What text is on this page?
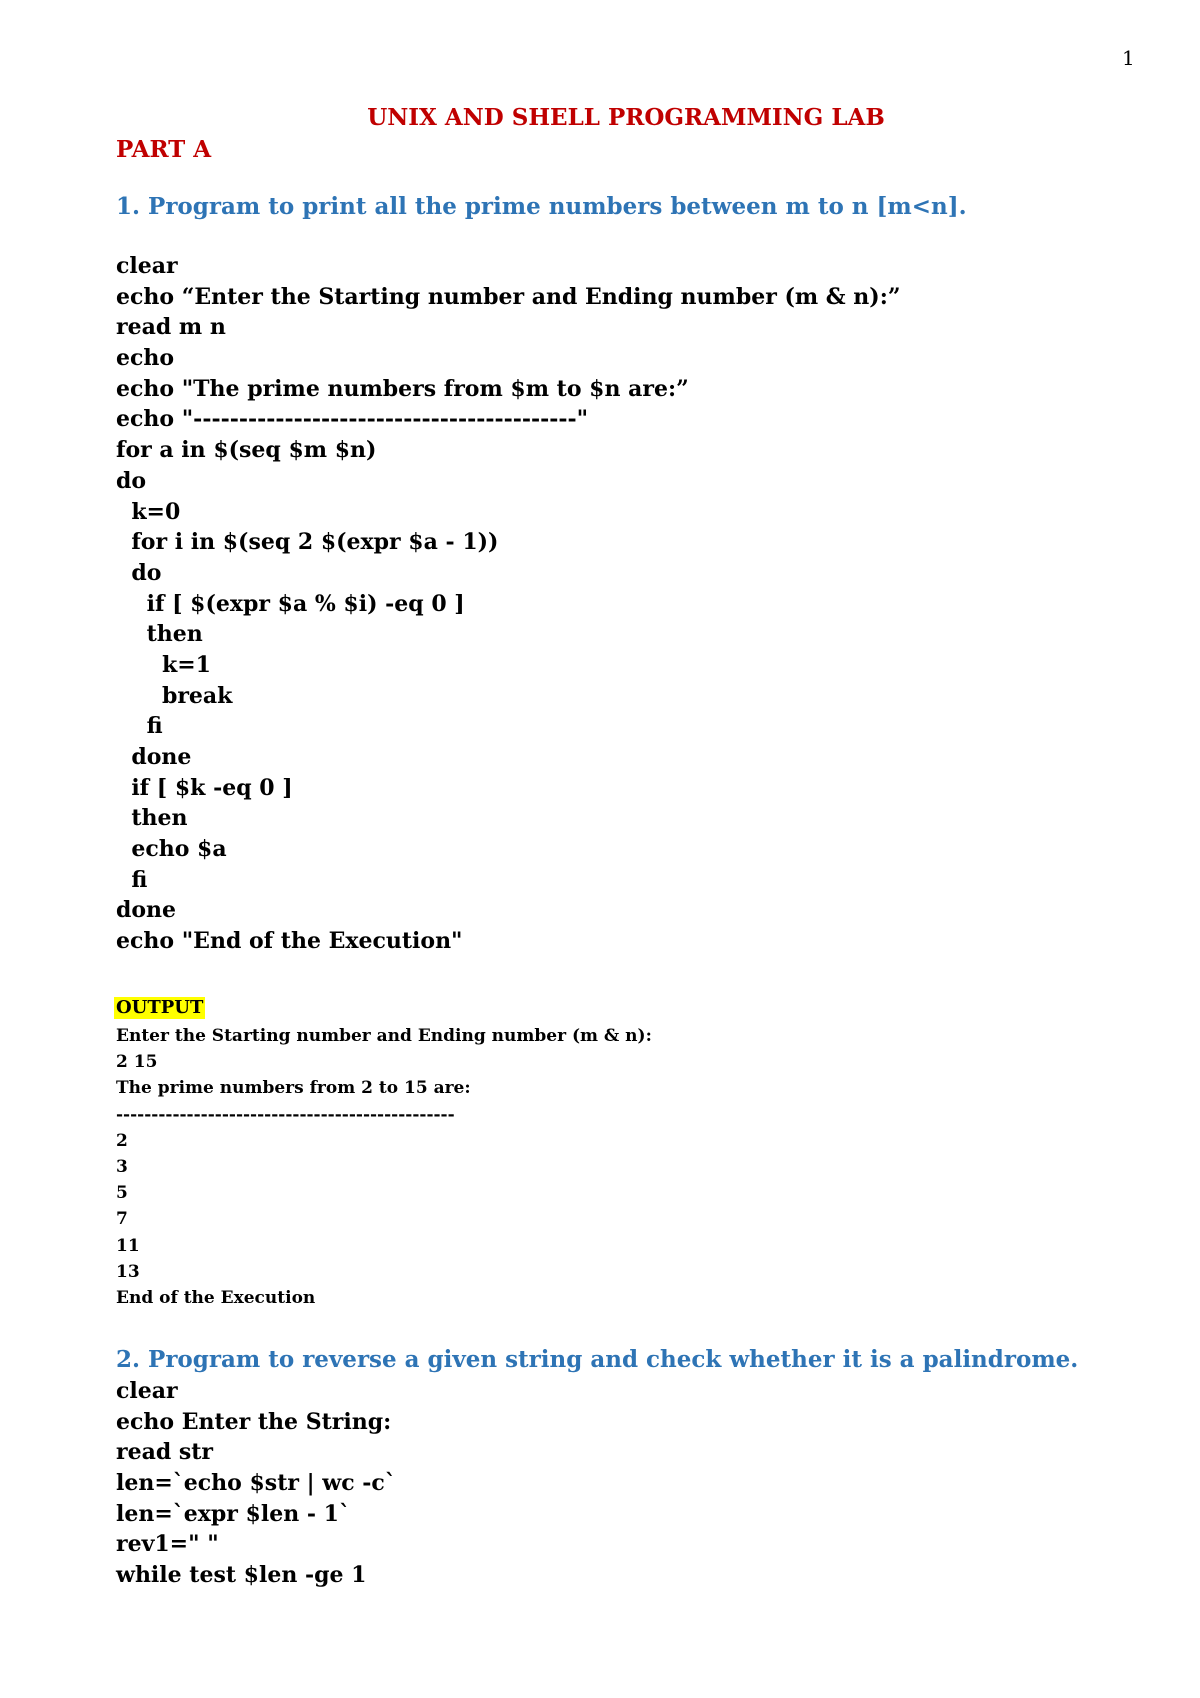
1
UNIX AND SHELL PROGRAMMING LAB
PART A
1. Program to print all the prime numbers between m to n [m<n].
clear
echo “Enter the Starting number and Ending number (m & n):”
read m n
echo
echo "The prime numbers from $m to $n are:”
echo "------------------------------------------"
for a in $(seq $m $n)
do
k=0
for i in $(seq 2 $(expr $a - 1))
do
if [ $(expr $a % $i) -eq 0 ]
then
k=1
break
fi
done
if [ $k -eq 0 ]
then
echo $a
fi
done
echo "End of the Execution"
OUTPUT
Enter the Starting number and Ending number (m & n):
2 15
The prime numbers from 2 to 15 are:
------------------------------------------------
2
3
5
7
11
13
End of the Execution
2. Program to reverse a given string and check whether it is a palindrome.
clear
echo Enter the String:
read str
len=`echo $str | wc -c`
len=`expr $len - 1`
rev1=" "
while test $len -ge 1
